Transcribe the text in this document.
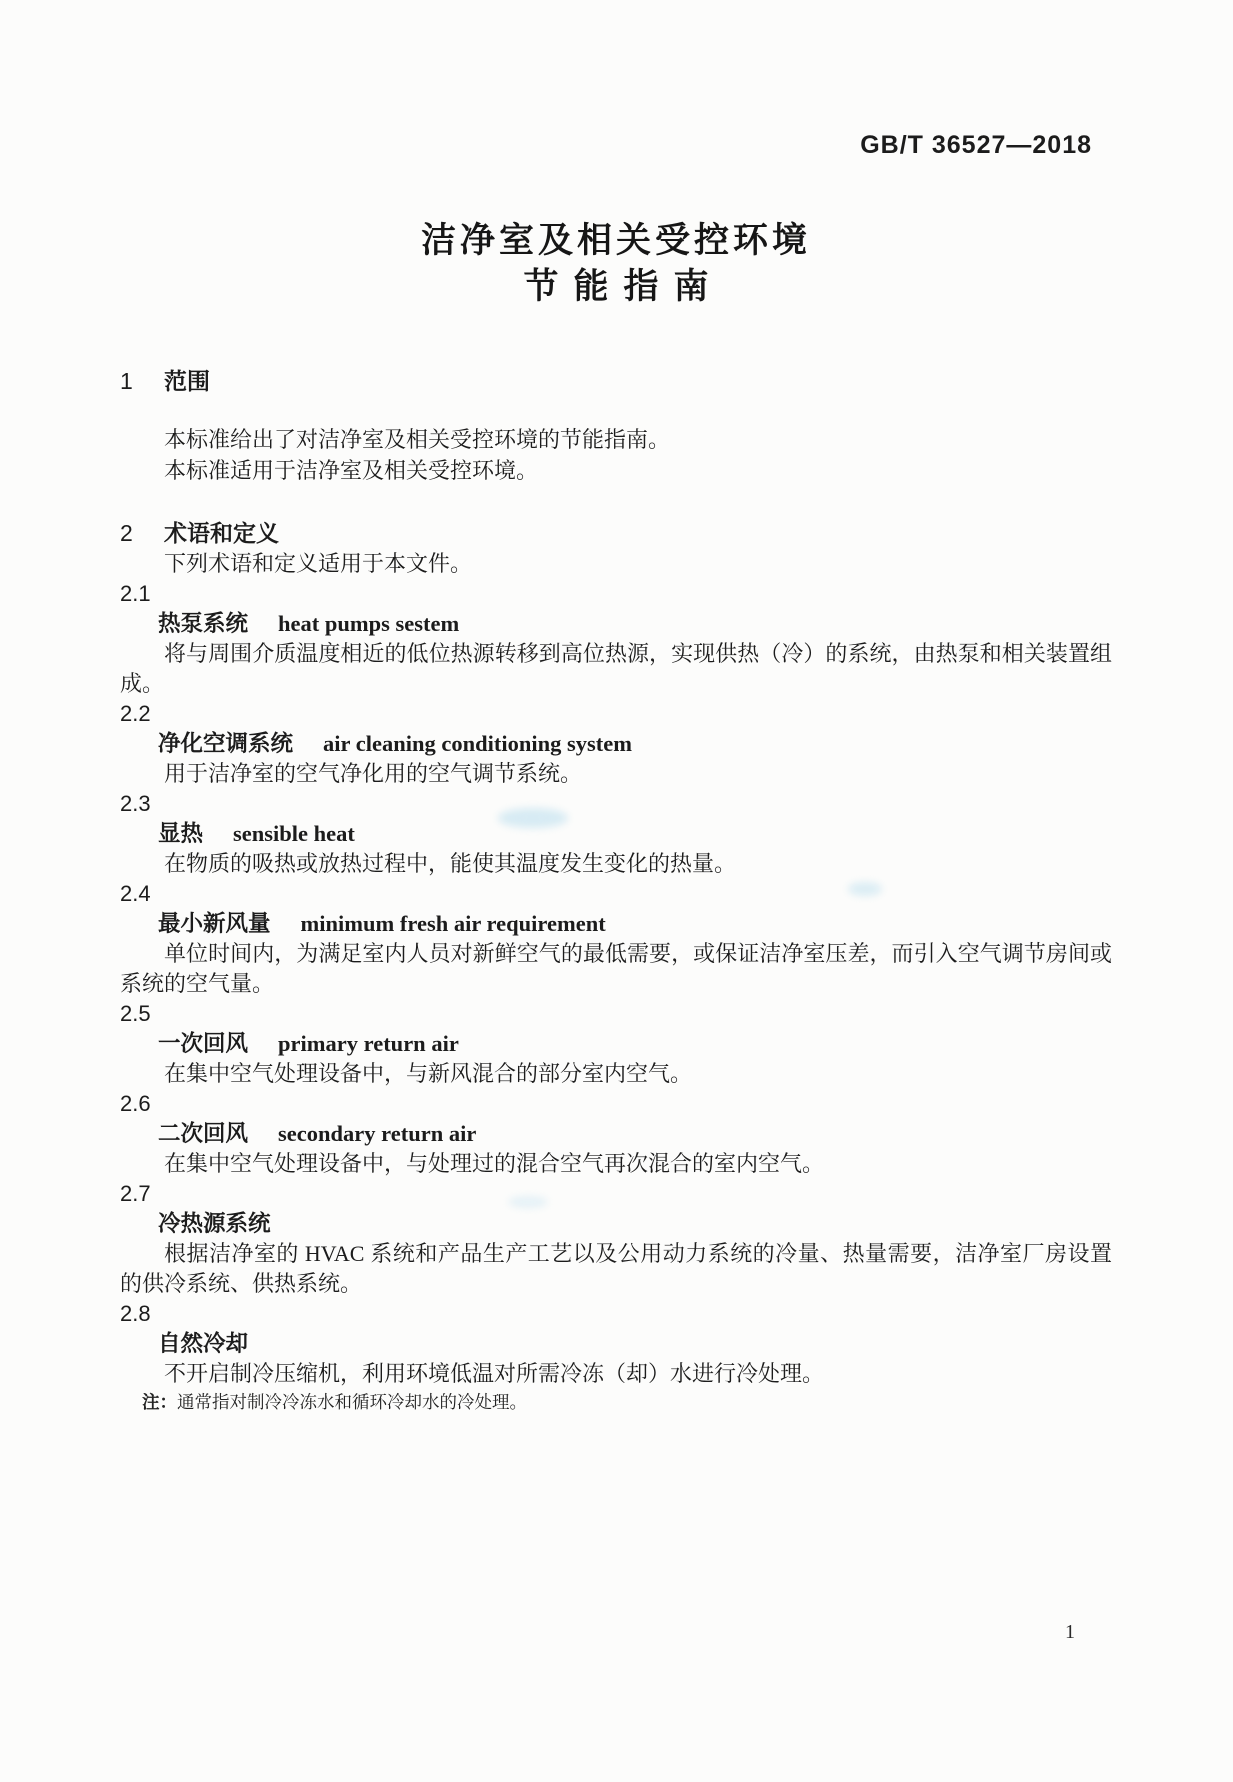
GB/T 36527—2018
洁净室及相关受控环境
节能指南
1 范围

本标准给出了对洁净室及相关受控环境的节能指南。

本标准适用于洁净室及相关受控环境。

2 术语和定义

下列术语和定义适用于本文件。

2.1
热泵系统 heat pumps sestem

将与周围介质温度相近的低位热源转移到高位热源，实现供热（冷）的系统，由热泵和相关装置组成。

2.2
净化空调系统 air cleaning conditioning system

用于洁净室的空气净化用的空气调节系统。

2.3
显热 sensible heat

在物质的吸热或放热过程中，能使其温度发生变化的热量。

2.4
最小新风量 minimum fresh air requirement

单位时间内，为满足室内人员对新鲜空气的最低需要，或保证洁净室压差，而引入空气调节房间或系统的空气量。

2.5
一次回风 primary return air

在集中空气处理设备中，与新风混合的部分室内空气。

2.6
二次回风 secondary return air

在集中空气处理设备中，与处理过的混合空气再次混合的室内空气。

2.7
冷热源系统

根据洁净室的 HVAC 系统和产品生产工艺以及公用动力系统的冷量、热量需要，洁净室厂房设置的供冷系统、供热系统。

2.8
自然冷却

不开启制冷压缩机，利用环境低温对所需冷冻（却）水进行冷处理。

注：通常指对制冷冷冻水和循环冷却水的冷处理。

1
